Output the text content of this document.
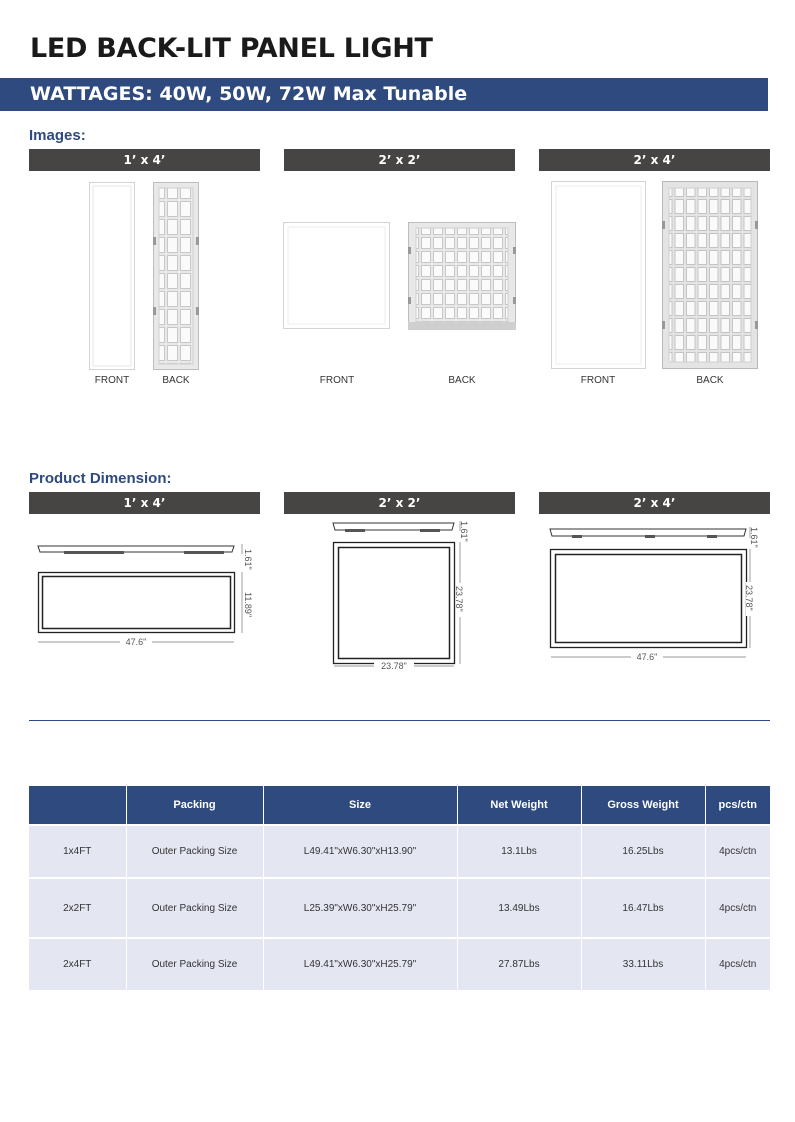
LED BACK-LIT PANEL LIGHT
WATTAGES: 40W, 50W, 72W Max Tunable
Images:
1’ x 4’	2’ x 2’	2’ x 4’
FRONT	BACK	FRONT	BACK	FRONT	BACK
Product Dimension:
1’ x 4’	2’ x 2’	2’ x 4’
1.61"
11.89"
47.6"
1.61"
23.78"
23.78"
1.61"
23.78"
47.6"
	Packing	Size	Net Weight	Gross Weight	pcs/ctn
1x4FT	Outer Packing Size	L49.41"xW6.30"xH13.90"	13.1Lbs	16.25Lbs	4pcs/ctn
2x2FT	Outer Packing Size	L25.39"xW6.30"xH25.79"	13.49Lbs	16.47Lbs	4pcs/ctn
2x4FT	Outer Packing Size	L49.41"xW6.30"xH25.79"	27.87Lbs	33.11Lbs	4pcs/ctn
